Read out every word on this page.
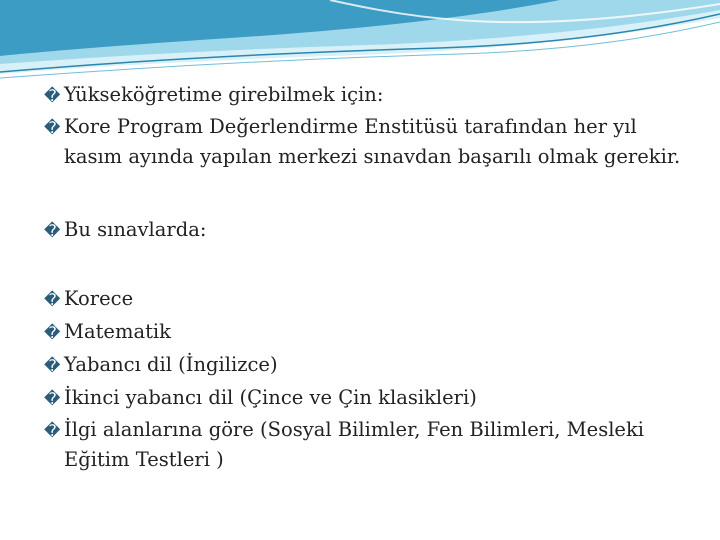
� Yükseköğretime girebilmek için:
� Kore Program Değerlendirme Enstitüsü tarafından her yıl kasım ayında yapılan merkezi sınavdan başarılı olmak gerekir.
� Bu sınavlarda:
� Korece
� Matematik
� Yabancı dil (İngilizce)
� İkinci yabancı dil (Çince ve Çin klasikleri)
� İlgi alanlarına göre (Sosyal Bilimler, Fen Bilimleri, Mesleki Eğitim Testleri )
